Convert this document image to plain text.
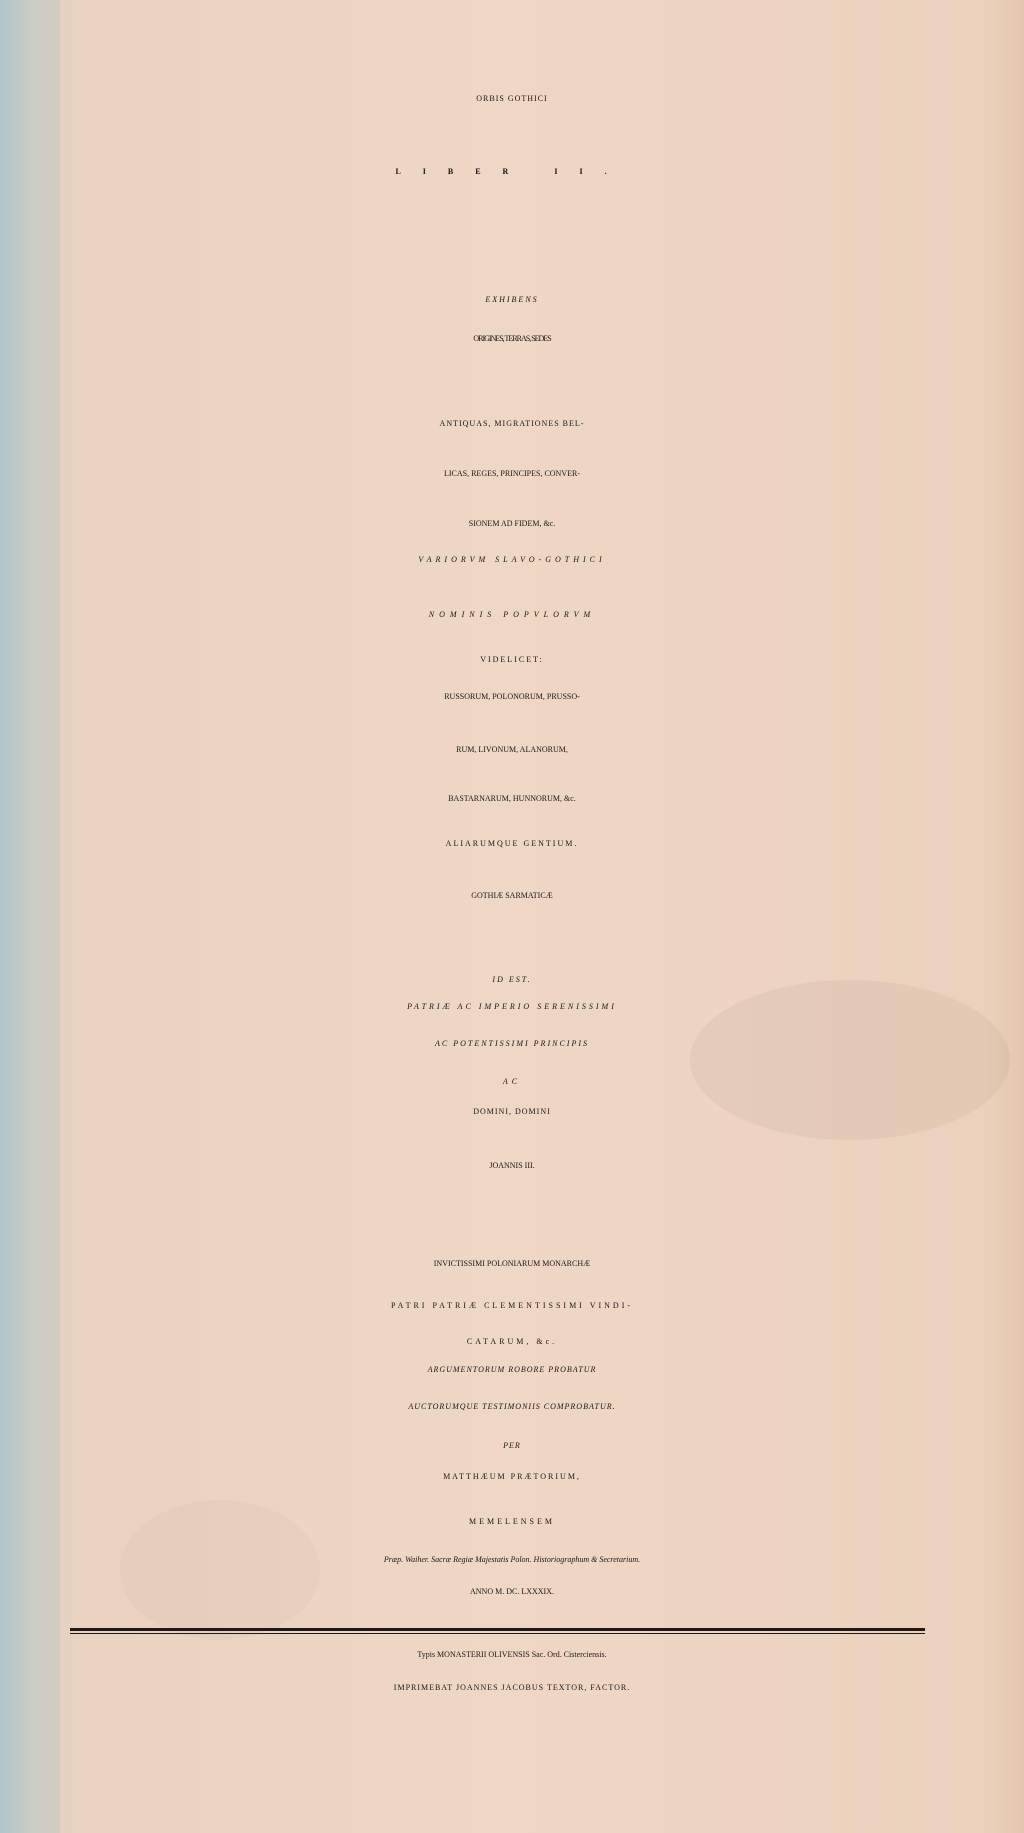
ORBIS GOTHICI

LIBER II.

EXHIBENS

ORIGINES, TERRAS, SEDES

ANTIQUAS, MIGRATIONES BEL-

LICAS, REGES, PRINCIPES, CONVER-

SIONEM AD FIDEM, &c.

VARIORVM SLAVO-GOTHICI

NOMINIS POPVLORVM

VIDELICET:

RUSSORUM, POLONORUM, PRUSSO-

RUM, LIVONUM, ALANORUM,

BASTARNARUM, HUNNORUM, &c.

ALIARUMQUE GENTIUM.

GOTHIÆ SARMATICÆ

ID EST.

PATRIÆ AC IMPERIO SERENISSIMI

AC POTENTISSIMI PRINCIPIS

AC

DOMINI, DOMINI

JOANNIS III.

INVICTISSIMI POLONIARUM MONARCHÆ

PATRI PATRIÆ CLEMENTISSIMI VINDI-

CATARUM, &c.

ARGUMENTORUM ROBORE PROBATUR

AUCTORUMQUE TESTIMONIIS COMPROBATUR.

PER

MATTHÆUM PRÆTORIUM,

MEMELENSEM

Præp. Waiher. Sacræ Regiæ Majestatis Polon. Historiographum & Secretarium.

ANNO M. DC. LXXXIX.

Typis MONASTERII OLIVENSIS Sac. Ord. Cisterciensis.

IMPRIMEBAT JOANNES JACOBUS TEXTOR, FACTOR.
